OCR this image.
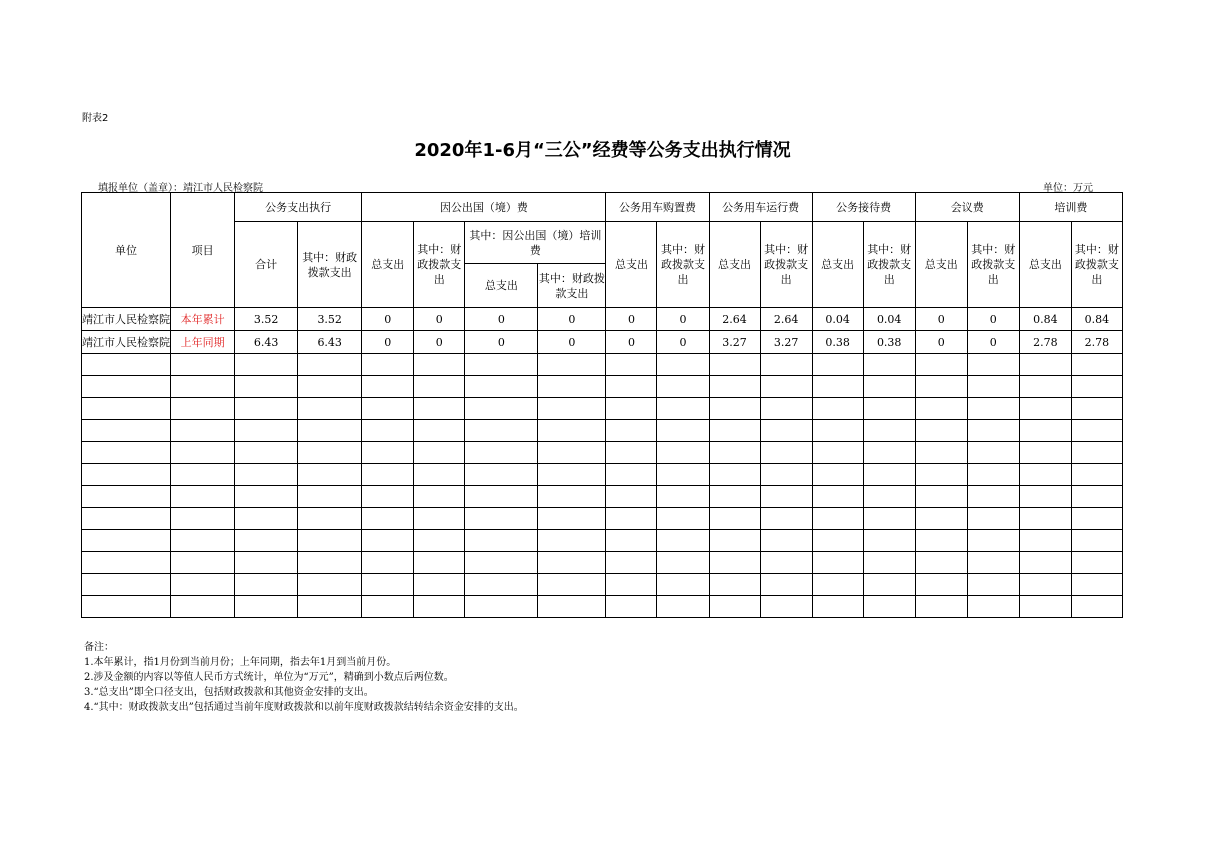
附表2
2020年1-6月“三公”经费等公务支出执行情况
填报单位（盖章）：靖江市人民检察院	单位：万元
单位	项目	公务支出执行		因公出国（境）费				公务用车购置费		公务用车运行费		公务接待费		会议费		培训费	
		合计	其中：财政拨款支出	总支出	其中：财政拨款支出	其中：因公出国（境）培训费		总支出	其中：财政拨款支出	总支出	其中：财政拨款支出	总支出	其中：财政拨款支出	总支出	其中：财政拨款支出	总支出	其中：财政拨款支出
						总支出	其中：财政拨款支出										
靖江市人民检察院	本年累计	3.52	3.52	0	0	0	0	0	0	2.64	2.64	0.04	0.04	0	0	0.84	0.84
靖江市人民检察院	上年同期	6.43	6.43	0	0	0	0	0	0	3.27	3.27	0.38	0.38	0	0	2.78	2.78

备注：
1.本年累计，指1月份到当前月份；上年同期，指去年1月到当前月份。
2.涉及金额的内容以等值人民币方式统计，单位为“万元”，精确到小数点后两位数。
3.“总支出”即全口径支出，包括财政拨款和其他资金安排的支出。
4.“其中：财政拨款支出”包括通过当前年度财政拨款和以前年度财政拨款结转结余资金安排的支出。
